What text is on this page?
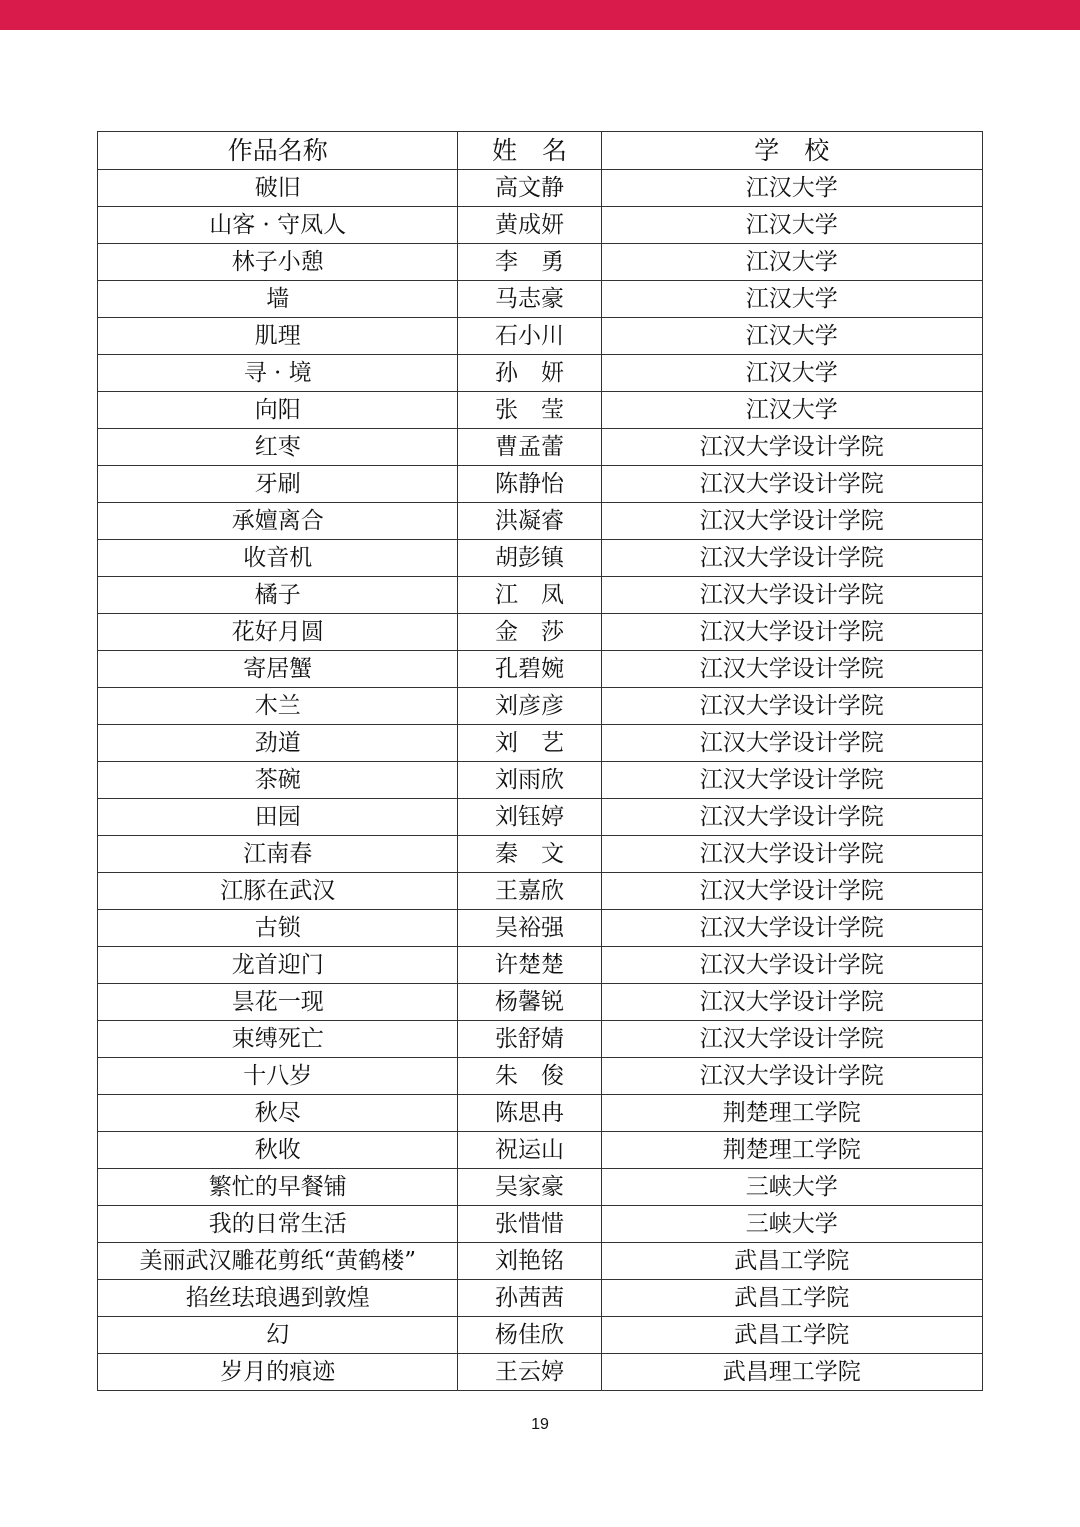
作品名称	姓　名	学　校
破旧	高文静	江汉大学
山客 · 守凤人	黄成妍	江汉大学
林子小憩	李　勇	江汉大学
墙	马志豪	江汉大学
肌理	石小川	江汉大学
寻 · 境	孙　妍	江汉大学
向阳	张　莹	江汉大学
红枣	曹孟蕾	江汉大学设计学院
牙刷	陈静怡	江汉大学设计学院
承嬗离合	洪凝睿	江汉大学设计学院
收音机	胡彭镇	江汉大学设计学院
橘子	江　凤	江汉大学设计学院
花好月圆	金　莎	江汉大学设计学院
寄居蟹	孔碧婉	江汉大学设计学院
木兰	刘彦彦	江汉大学设计学院
劲道	刘　艺	江汉大学设计学院
茶碗	刘雨欣	江汉大学设计学院
田园	刘钰婷	江汉大学设计学院
江南春	秦　文	江汉大学设计学院
江豚在武汉	王嘉欣	江汉大学设计学院
古锁	吴裕强	江汉大学设计学院
龙首迎门	许楚楚	江汉大学设计学院
昙花一现	杨馨锐	江汉大学设计学院
束缚死亡	张舒婧	江汉大学设计学院
十八岁	朱　俊	江汉大学设计学院
秋尽	陈思冉	荆楚理工学院
秋收	祝运山	荆楚理工学院
繁忙的早餐铺	吴家豪	三峡大学
我的日常生活	张惜惜	三峡大学
美丽武汉雕花剪纸“黄鹤楼”	刘艳铭	武昌工学院
掐丝珐琅遇到敦煌	孙茜茜	武昌工学院
幻	杨佳欣	武昌工学院
岁月的痕迹	王云婷	武昌理工学院
19
